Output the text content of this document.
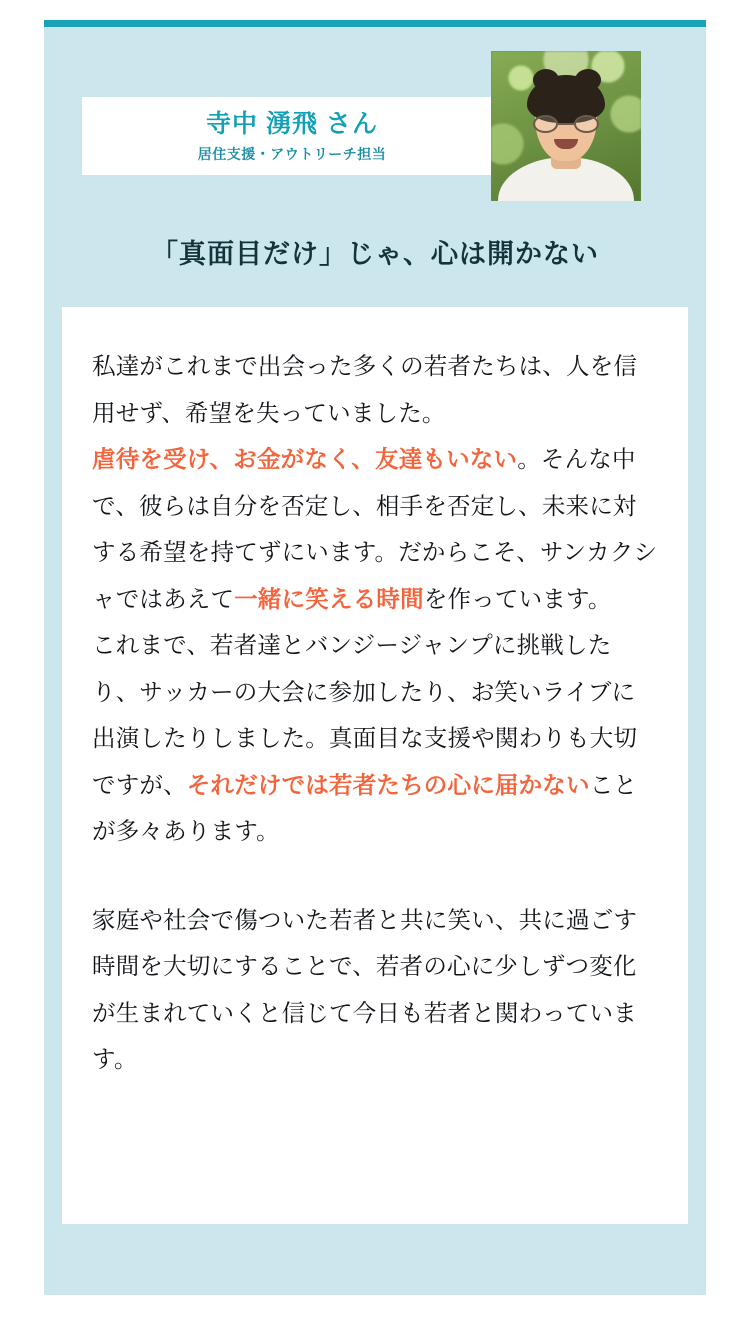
寺中 湧飛 さん
居住支援・アウトリーチ担当
「真面目だけ」じゃ、心は開かない

私達がこれまで出会った多くの若者たちは、人を信用せず、希望を失っていました。

虐待を受け、お金がなく、友達もいない。そんな中で、彼らは自分を否定し、相手を否定し、未来に対する希望を持てずにいます。だからこそ、サンカクシャではあえて一緒に笑える時間を作っています。

これまで、若者達とバンジージャンプに挑戦したり、サッカーの大会に参加したり、お笑いライブに出演したりしました。真面目な支援や関わりも大切ですが、それだけでは若者たちの心に届かないことが多々あります。

家庭や社会で傷ついた若者と共に笑い、共に過ごす時間を大切にすることで、若者の心に少しずつ変化が生まれていくと信じて今日も若者と関わっています。
